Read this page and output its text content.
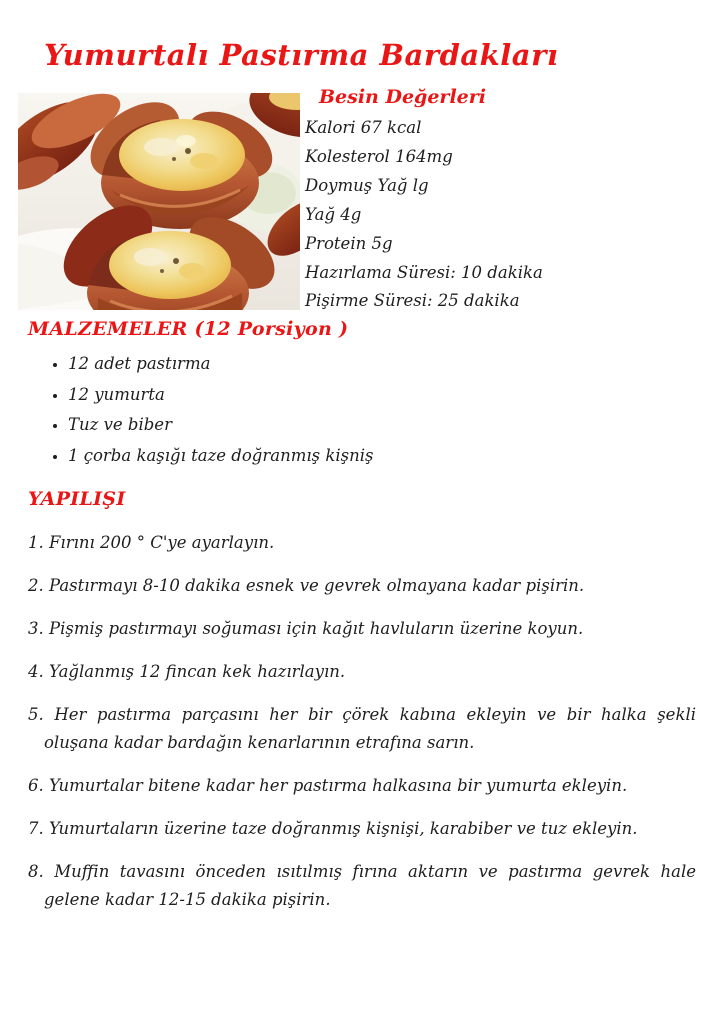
Yumurtalı Pastırma Bardakları
Besin Değerleri

Kalori 67 kcal

Kolesterol 164mg

Doymuş Yağ lg

Yağ 4g

Protein 5g

Hazırlama Süresi: 10 dakika

Pişirme Süresi: 25 dakika

MALZEMELER (12 Porsiyon )
• 12 adet pastırma
• 12 yumurta
• Tuz ve biber
• 1 çorba kaşığı taze doğranmış kişniş
YAPILIŞI

1. Fırını 200 ° C'ye ayarlayın.

2. Pastırmayı 8-10 dakika esnek ve gevrek olmayana kadar pişirin.

3. Pişmiş pastırmayı soğuması için kağıt havluların üzerine koyun.

4. Yağlanmış 12 fincan kek hazırlayın.

5. Her pastırma parçasını her bir çörek kabına ekleyin ve bir halka şekli oluşana kadar bardağın kenarlarının etrafına sarın.

6. Yumurtalar bitene kadar her pastırma halkasına bir yumurta ekleyin.

7. Yumurtaların üzerine taze doğranmış kişnişi, karabiber ve tuz ekleyin.

8. Muffin tavasını önceden ısıtılmış fırına aktarın ve pastırma gevrek hale gelene kadar 12-15 dakika pişirin.
